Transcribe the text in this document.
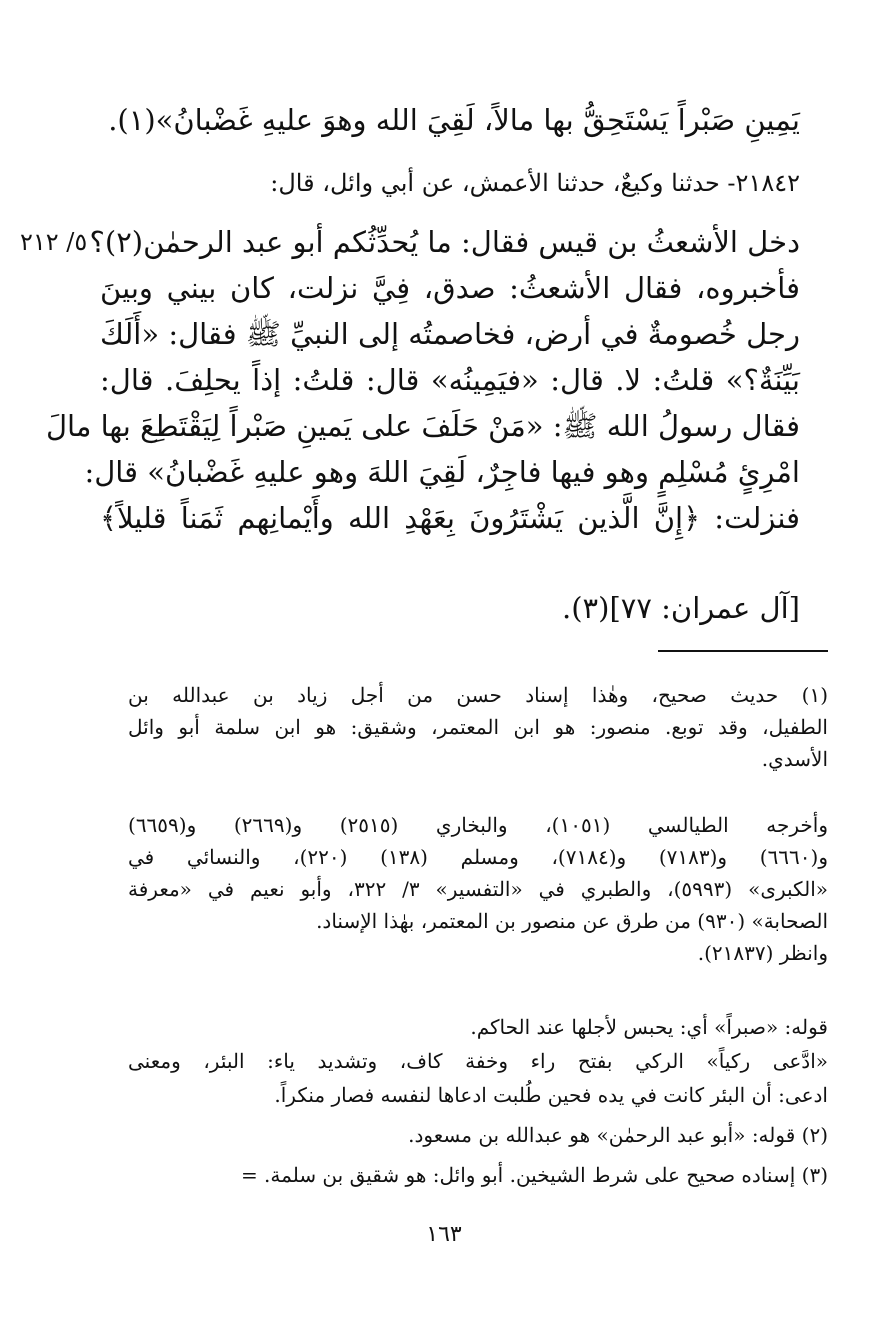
يَمِينِ صَبْراً يَسْتَحِقُّ بها مالاً، لَقِيَ الله وهوَ عليهِ غَضْبانُ»(١).
٢١٨٤٢- حدثنا وكيعٌ، حدثنا الأعمش، عن أبي وائل، قال:
٥/ ٢١٢ دخل الأشعثُ بن قيس فقال: ما يُحدِّثُكم أبو عبد الرحمٰن(٢)؟
فأخبروه، فقال الأشعثُ: صدق، فِيَّ نزلت، كان بيني وبينَ
رجل خُصومةٌ في أرض، فخاصمتُه إلى النبيِّ ﷺ فقال: «أَلَكَ
بَيِّنَةٌ؟» قلتُ: لا. قال: «فيَمِينُه» قال: قلتُ: إذاً يحلِفَ. قال:
فقال رسولُ الله ﷺ: «مَنْ حَلَفَ على يَمينِ صَبْراً لِيَقْتَطِعَ بها مالَ
امْرِئٍ مُسْلِمٍ وهو فيها فاجِرٌ، لَقِيَ اللهَ وهو عليهِ غَضْبانُ» قال:
فنزلت: ﴿إِنَّ الَّذين يَشْتَرُونَ بِعَهْدِ الله وأَيْمانِهم ثَمَناً قليلاً﴾
[آل عمران: ٧٧](٣).
(١) حديث صحيح، وهٰذا إسناد حسن من أجل زياد بن عبدالله بن
الطفيل، وقد توبع. منصور: هو ابن المعتمر، وشقيق: هو ابن سلمة أبو وائل
الأسدي.
وأخرجه الطيالسي (١٠٥١)، والبخاري (٢٥١٥) و(٢٦٦٩) و(٦٦٥٩)
و(٦٦٦٠) و(٧١٨٣) و(٧١٨٤)، ومسلم (١٣٨) (٢٢٠)، والنسائي في
«الكبرى» (٥٩٩٣)، والطبري في «التفسير» ٣/ ٣٢٢، وأبو نعيم في «معرفة
الصحابة» (٩٣٠) من طرق عن منصور بن المعتمر، بهٰذا الإسناد.
وانظر (٢١٨٣٧).
قوله: «صبراً» أي: يحبس لأجلها عند الحاكم.
«ادَّعى ركياً» الركي بفتح راء وخفة كاف، وتشديد ياء: البئر، ومعنى
ادعى: أن البئر كانت في يده فحين طُلبت ادعاها لنفسه فصار منكراً.
(٢) قوله: «أبو عبد الرحمٰن» هو عبدالله بن مسعود.
(٣) إسناده صحيح على شرط الشيخين. أبو وائل: هو شقيق بن سلمة. =
١٦٣
